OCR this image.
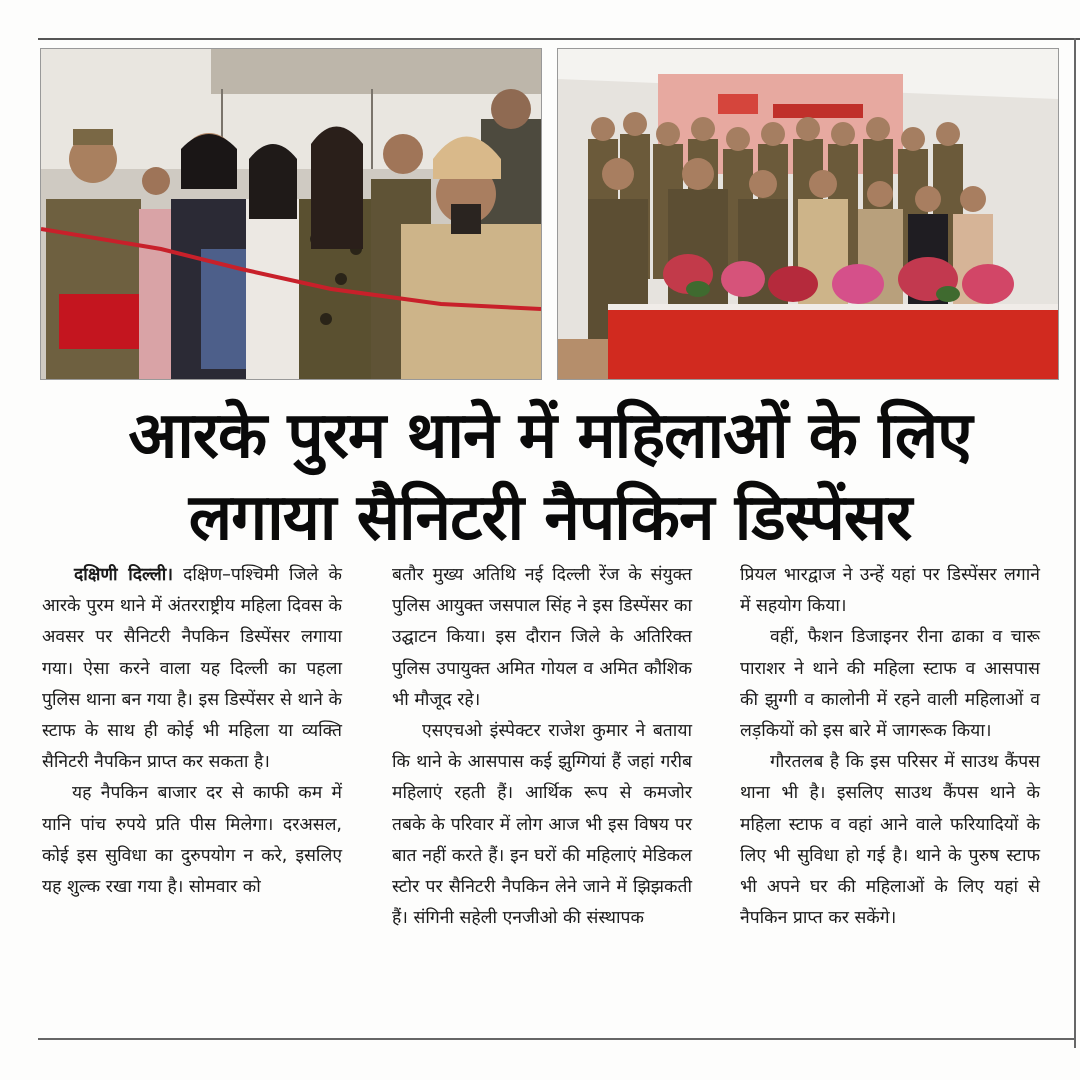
आरके पुरम थाने में महिलाओं के लिए
लगाया सैनिटरी नैपकिन डिस्पेंसर

दक्षिणी दिल्ली। दक्षिण–पश्चिमी जिले के आरके पुरम थाने में अंतरराष्ट्रीय महिला दिवस के अवसर पर सैनिटरी नैपकिन डिस्पेंसर लगाया गया। ऐसा करने वाला यह दिल्ली का पहला पुलिस थाना बन गया है। इस डिस्पेंसर से थाने के स्टाफ के साथ ही कोई भी महिला या व्यक्ति सैनिटरी नैपकिन प्राप्त कर सकता है।

यह नैपकिन बाजार दर से काफी कम में यानि पांच रुपये प्रति पीस मिलेगा। दरअसल, कोई इस सुविधा का दुरुपयोग न करे, इसलिए यह शुल्क रखा गया है। सोमवार को

बतौर मुख्य अतिथि नई दिल्ली रेंज के संयुक्त पुलिस आयुक्त जसपाल सिंह ने इस डिस्पेंसर का उद्घाटन किया। इस दौरान जिले के अतिरिक्त पुलिस उपायुक्त अमित गोयल व अमित कौशिक भी मौजूद रहे।

एसएचओ इंस्पेक्टर राजेश कुमार ने बताया कि थाने के आसपास कई झुग्गियां हैं जहां गरीब महिलाएं रहती हैं। आर्थिक रूप से कमजोर तबके के परिवार में लोग आज भी इस विषय पर बात नहीं करते हैं। इन घरों की महिलाएं मेडिकल स्टोर पर सैनिटरी नैपकिन लेने जाने में झिझकती हैं। संगिनी सहेली एनजीओ की संस्थापक

प्रियल भारद्वाज ने उन्हें यहां पर डिस्पेंसर लगाने में सहयोग किया।

वहीं, फैशन डिजाइनर रीना ढाका व चारू पाराशर ने थाने की महिला स्टाफ व आसपास की झुग्गी व कालोनी में रहने वाली महिलाओं व लड़कियों को इस बारे में जागरूक किया।

गौरतलब है कि इस परिसर में साउथ कैंपस थाना भी है। इसलिए साउथ कैंपस थाने के महिला स्टाफ व वहां आने वाले फरियादियों के लिए भी सुविधा हो गई है। थाने के पुरुष स्टाफ भी अपने घर की महिलाओं के लिए यहां से नैपकिन प्राप्त कर सकेंगे।
